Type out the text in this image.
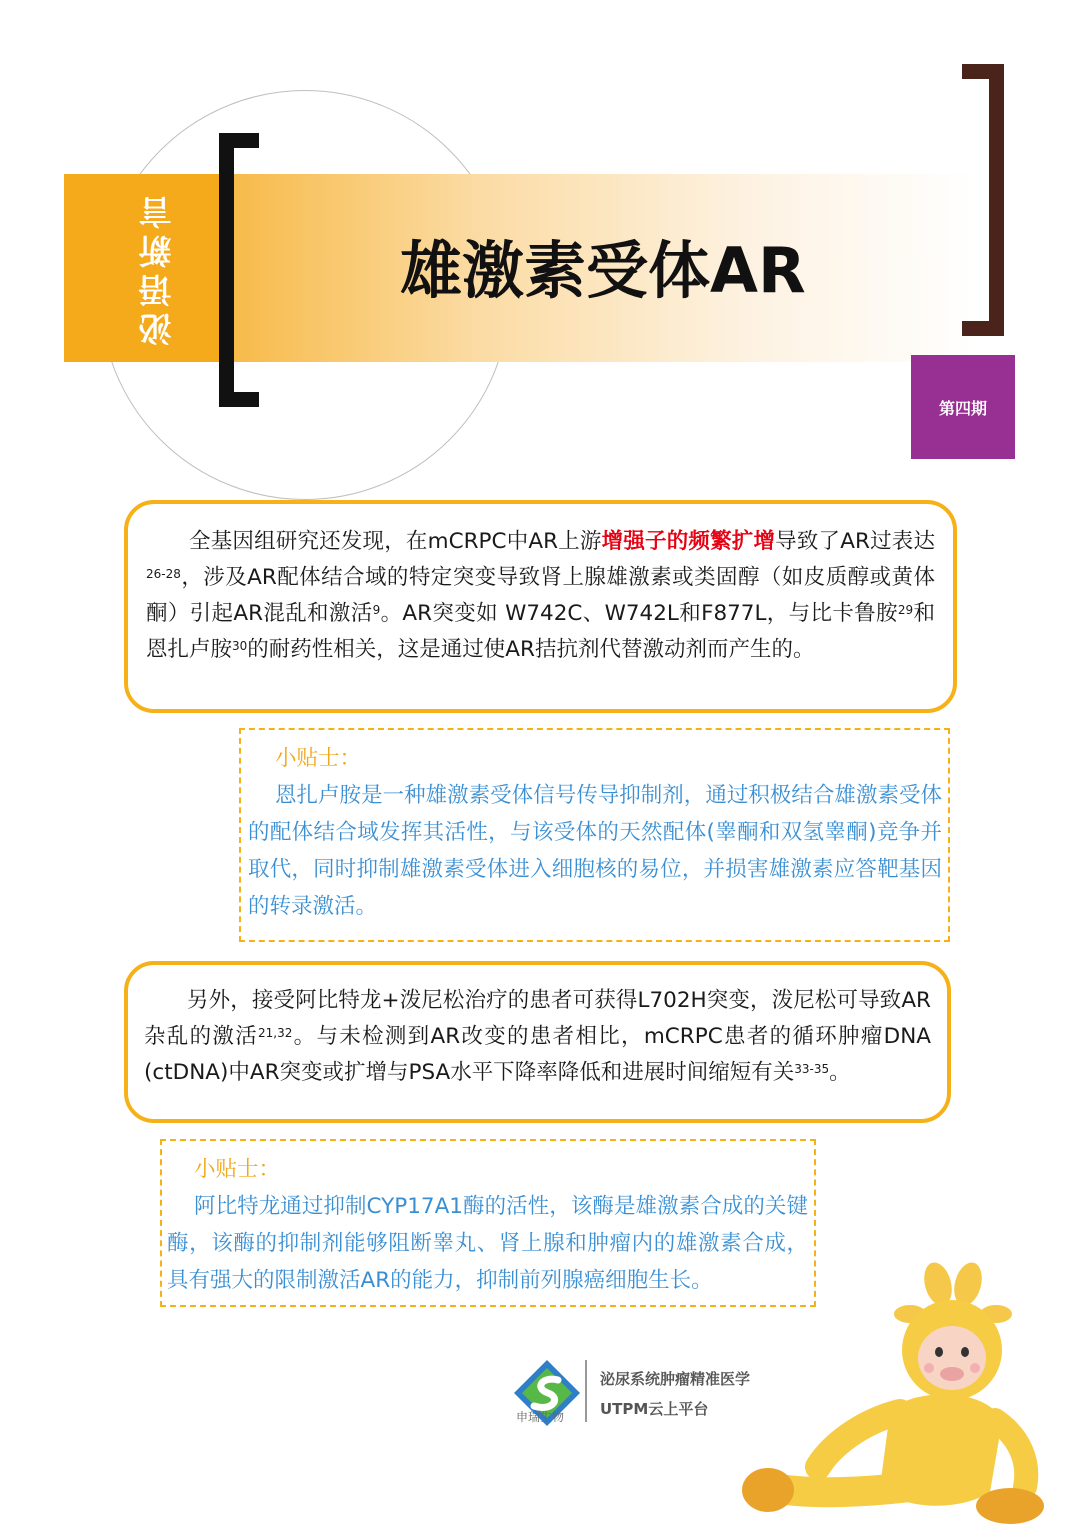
泌语新言	雄激素受体AR
第四期

全基因组研究还发现，在mCRPC中AR上游增强子的频繁扩增导致了AR过表达$^{26-28}$，涉及AR配体结合域的特定突变导致肾上腺雄激素或类固醇（如皮质醇或黄体酮）引起AR混乱和激活$^9$。AR突变如 W742C、W742L和F877L，与比卡鲁胺$^{29}$和恩扎卢胺$^{30}$的耐药性相关，这是通过使AR拮抗剂代替激动剂而产生的。

小贴士：

恩扎卢胺是一种雄激素受体信号传导抑制剂，通过积极结合雄激素受体的配体结合域发挥其活性，与该受体的天然配体(睾酮和双氢睾酮)竞争并取代，同时抑制雄激素受体进入细胞核的易位，并损害雄激素应答靶基因的转录激活。

另外，接受阿比特龙+泼尼松治疗的患者可获得L702H突变，泼尼松可导致AR杂乱的激活$^{21,32}$。与未检测到AR改变的患者相比，mCRPC患者的循环肿瘤DNA (ctDNA)中AR突变或扩增与PSA水平下降率降低和进展时间缩短有关$^{33-35}$。

小贴士：

阿比特龙通过抑制CYP17A1酶的活性，该酶是雄激素合成的关键酶，该酶的抑制剂能够阻断睾丸、肾上腺和肿瘤内的雄激素合成，具有强大的限制激活AR的能力，抑制前列腺癌细胞生长。

申瑞生物
泌尿系统肿瘤精准医学
UTPM云上平台
